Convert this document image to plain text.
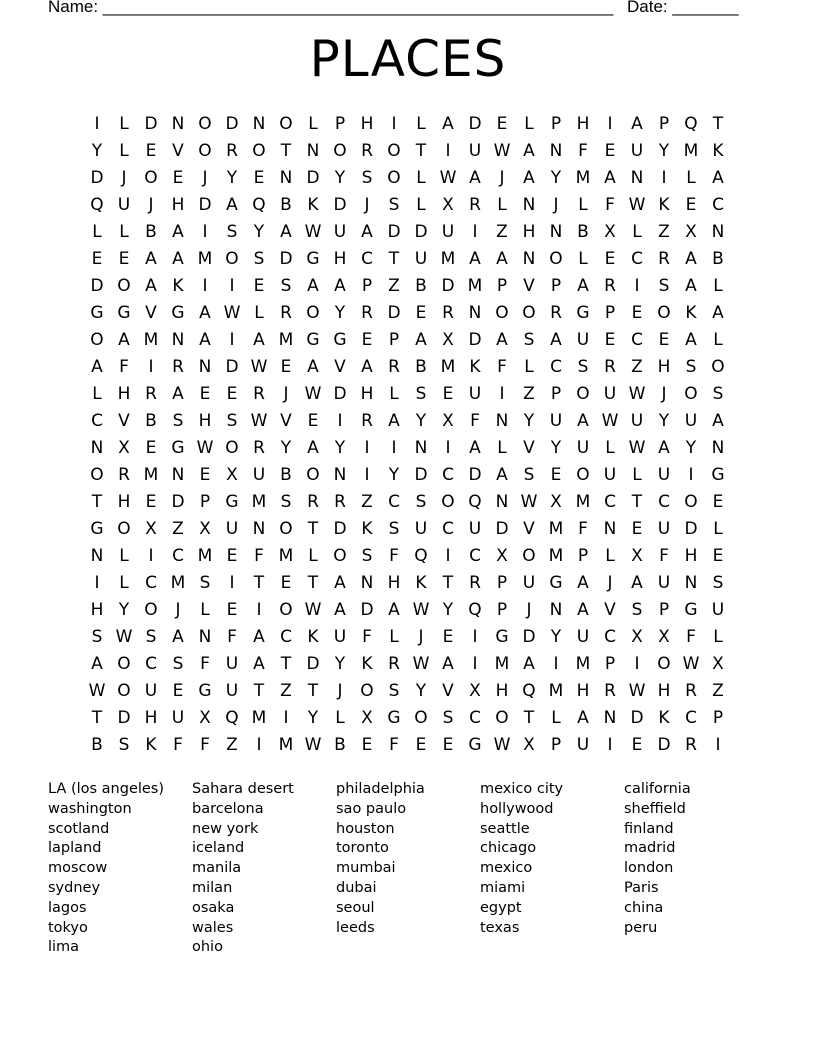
Name: ______________________________________________________ Date: _______
PLACES
I	L D N O D N O L	P H	I	L A D E L	P H	I	A P Q T
Y	L E V O R O T N O R O T	I	U W A N F E U Y M K
D	J	O E	J	Y E N D Y S O L W A	J	A Y M A N	I	L A
Q U	J	H D A Q B K D	J	S L X R L N	J	L	F W K E C
L	L B A	I	S Y A W U A D D U	I	Z H N B X L Z X N
E E A A M O S D G H C T U M A A N O L E C R A B
D O A K	I	I	E S A A P Z B D M P V P A R	I	S A L
G G V G A W L R O Y R D E R N O O R G P E O K A
O A M N A	I	A M G G E P A X D A S A U E C E A L
A F	I	R N D W E A V A R B M K F	L C S R Z H S O
L H R A E E R	J W D H L S E U	I	Z P O U W J	O S
C V B S H S W V E	I	R A Y X F N Y U A W U Y U A
N X E G W O R Y A Y	I	I	N	I	A L V Y U L W A Y N
O R M N E X U B O N	I	Y D C D A S E O U L U	I	G
T H E D P G M S R R Z C S O Q N W X M C T C O E
G O X Z X U N O T D K S U C U D V M F N E U D L
N L	I	C M E F M L O S F Q	I	C X O M P	L X F H E
I	L C M S	I	T E T A N H K T R P U G A	J	A U N S
H Y O	J	L E	I	O W A D A W Y Q P	J	N A V S P G U
S W S A N F A C K U F	L	J	E	I	G D Y U C X X F	L
A O C S F U A T D Y K R W A	I	M A	I	M P	I	O W X
W O U E G U T Z T	J	O S Y V X H Q M H R W H R Z
T D H U X Q M	I	Y	L X G O S C O T	L A N D K C P
B S K F	F Z	I	M W B E F E E G W X P U	I	E D R	I
LA (los angeles)
washington
scotland
lapland
moscow
sydney
lagos
tokyo
lima
Sahara desert
barcelona
new york
iceland
manila
milan
osaka
wales
ohio
philadelphia
sao paulo
houston
toronto
mumbai
dubai
seoul
leeds
mexico city
hollywood
seattle
chicago
mexico
miami
egypt
texas
california
sheffield
finland
madrid
london
Paris
china
peru
